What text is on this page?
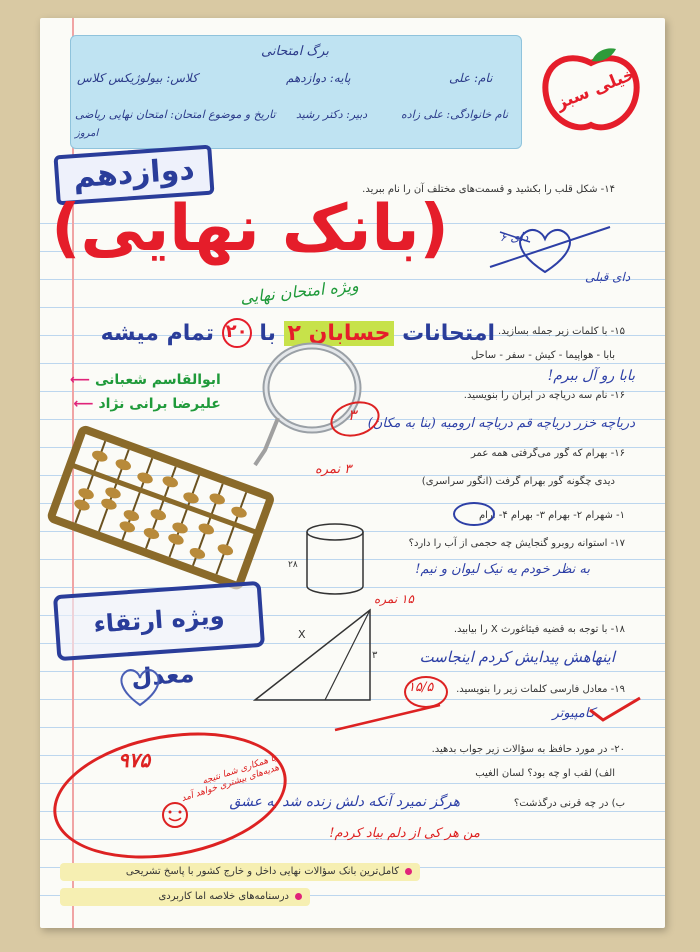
برگ امتحانی
نام: علی
پایه: دوازدهم
کلاس: بیولوژیکس کلاس
نام خانوادگی: علی زاده
دبیر: دکتر رشید
تاریخ و موضوع امتحان: امتحان نهایی ریاضی
امروز
خیلی سبز
دوازدهم
(بانک نهایی)
ویژه امتحان نهایی
امتحانات حسابان ۲ با ۲۰ تمام میشه
ابوالقاسم شعبانی ⟵
علیرضا برانی نژاد ⟵
ویژه ارتقاء معدل
۱۴- شکل قلب را بکشید و قسمت‌های مختلف آن را نام ببرید.
دای ۶
دای قبلی
۱۵- با کلمات زیر جمله بسازید.
بابا - هواپیما - کیش - سفر - ساحل
بابا رو آل ببرم!
۱۶- نام سه دریاچه در ایران را بنویسید.
دریاچه خزر دریاچه قم دریاچه ارومیه (بنا به مکان)
۳
۱۶- بهرام که گور می‌گرفتی همه عمر
۳ نمره
دیدی چگونه گور بهرام گرفت (انگور سراسری)
۱- شهرام ۲- بهرام ۳- بهرام ۴- ارام
۱۷- استوانه روبرو گنجایش چه حجمی از آب را دارد؟
۲۸	به نظر خودم یه نیک لیوان و نیم!
۱۵ نمره
۱۸- با توجه به قضیه فیثاغورث X را بیابید.
X
۳	اینهاهش پیدایش کردم اینجاست
۱۵/۵ ۱۹- معادل فارسی کلمات زیر را بنویسید.
کامپیوتر
۲۰- در مورد حافظ به سؤالات زیر جواب بدهید.
الف) لقب او چه بود؟ لسان الغیب
ب) در چه قرنی درگذشت؟
هرگز نمیرد آنکه دلش زنده شد به عشق
من هر کی از دلم بیاد کردم!
۹۷۵	با همکاری شما نتیجه هدیه‌های بیشتری خواهد آمد
کامل‌ترین بانک سؤالات نهایی داخل و خارج کشور با پاسخ تشریحی
درسنامه‌های خلاصه اما کاربردی
